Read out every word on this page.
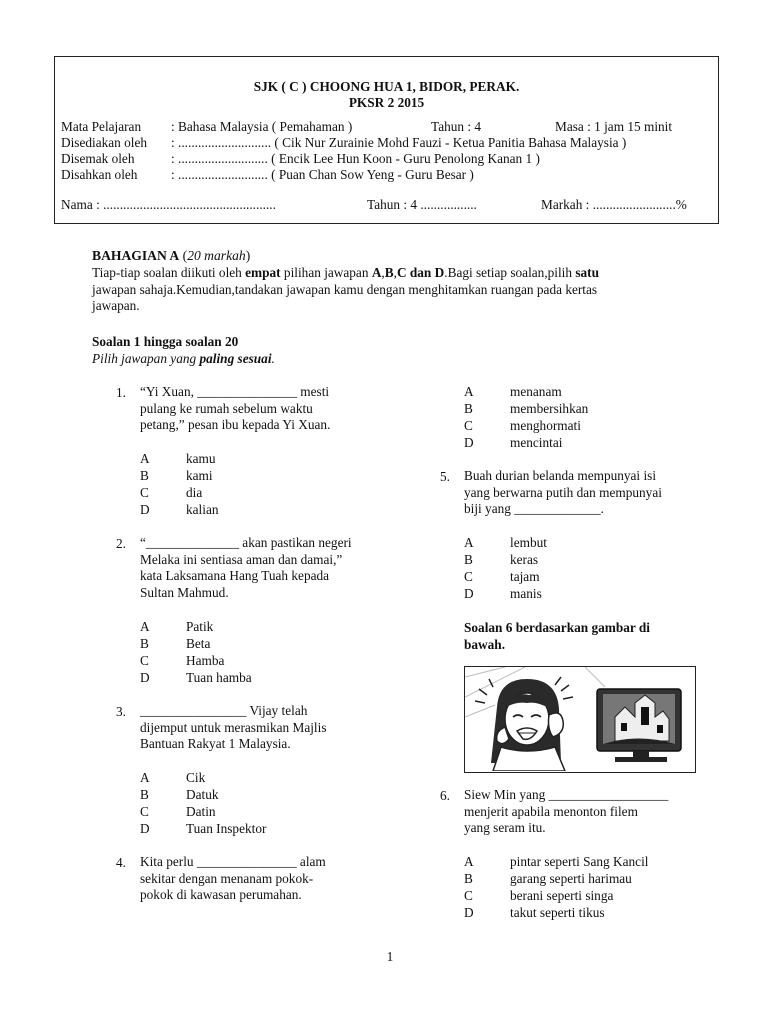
SJK ( C ) CHOONG HUA 1, BIDOR, PERAK.
PKSR 2 2015
Mata Pelajaran : Bahasa Malaysia ( Pemahaman )	Tahun : 4	Masa : 1 jam 15 minit
Disediakan oleh : ............................ ( Cik Nur Zurainie Mohd Fauzi - Ketua Panitia Bahasa Malaysia )
Disemak oleh	: ........................... ( Encik Lee Hun Koon - Guru Penolong Kanan 1 )
Disahkan oleh	: ........................... ( Puan Chan Sow Yeng - Guru Besar )
Nama : ....................................................	Tahun : 4 .................	Markah : .........................%
BAHAGIAN A (20 markah)
Tiap-tiap soalan diikuti oleh empat pilihan jawapan A,B,C dan D.Bagi setiap soalan,pilih satu
jawapan sahaja.Kemudian,tandakan jawapan kamu dengan menghitamkan ruangan pada kertas
jawapan.
Soalan 1 hingga soalan 20
Pilih jawapan yang paling sesuai.
1. “Yi Xuan, _______________ mesti
pulang ke rumah sebelum waktu
petang,” pesan ibu kepada Yi Xuan.
A	kamu
B	kami
C	dia
D	kalian
2. “______________ akan pastikan negeri
Melaka ini sentiasa aman dan damai,”
kata Laksamana Hang Tuah kepada
Sultan Mahmud.
A	Patik
B	Beta
C	Hamba
D	Tuan hamba
3. ________________ Vijay telah
dijemput untuk merasmikan Majlis
Bantuan Rakyat 1 Malaysia.
A	Cik
B	Datuk
C	Datin
D	Tuan Inspektor
4. Kita perlu _______________ alam
sekitar dengan menanam pokok-
pokok di kawasan perumahan.
A	menanam
B	membersihkan
C	menghormati
D	mencintai
5. Buah durian belanda mempunyai isi
yang berwarna putih dan mempunyai
biji yang _____________.
A	lembut
B	keras
C	tajam
D	manis
Soalan 6 berdasarkan gambar di
bawah.
6. Siew Min yang __________________
menjerit apabila menonton filem
yang seram itu.
A	pintar seperti Sang Kancil
B	garang seperti harimau
C	berani seperti singa
D	takut seperti tikus
1
